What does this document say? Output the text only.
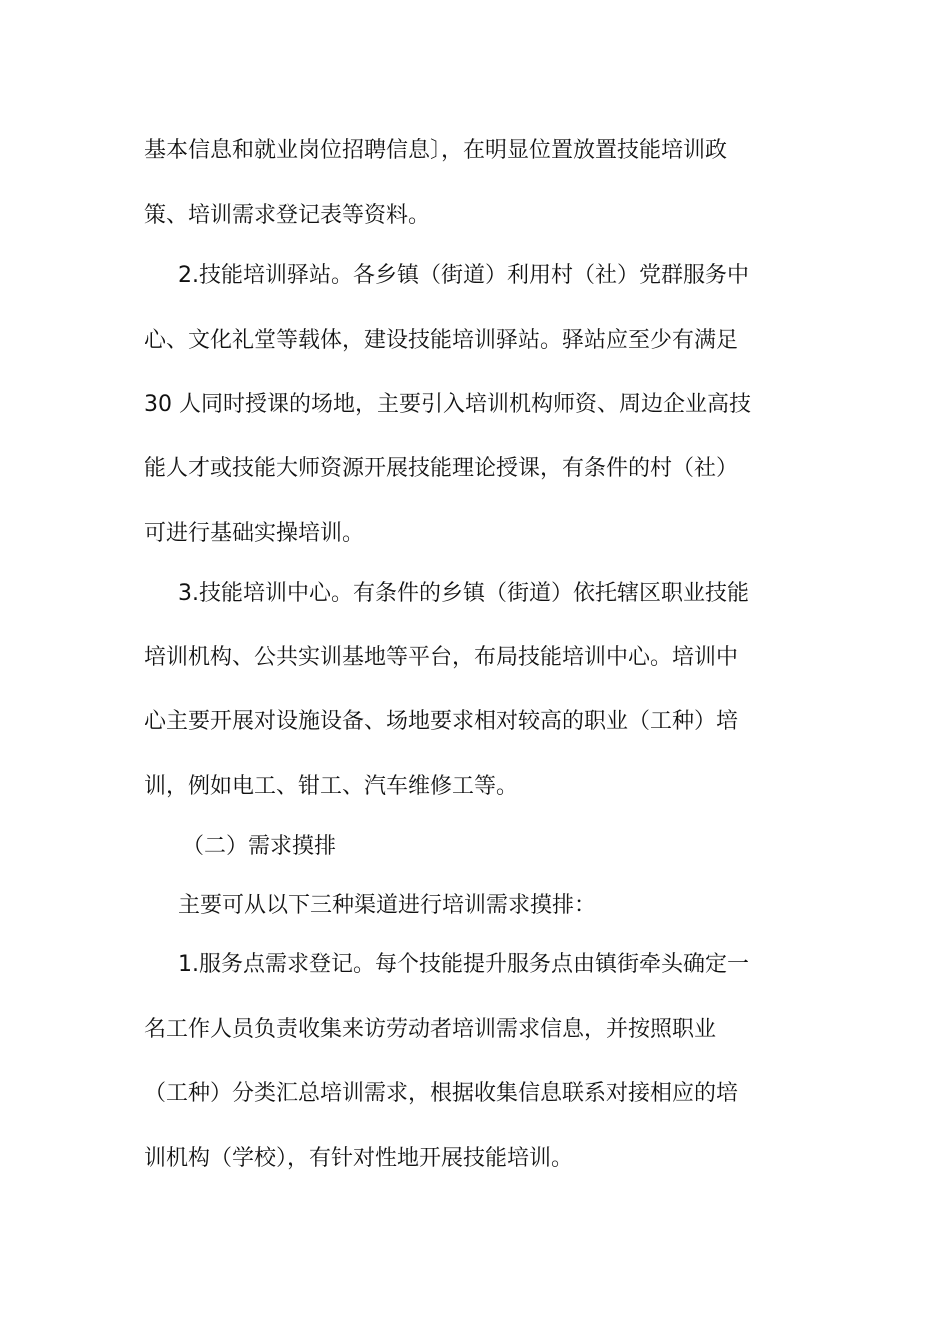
基本信息和就业岗位招聘信息〕，在明显位置放置技能培训政
策、培训需求登记表等资料。
2.技能培训驿站。各乡镇（街道）利用村（社）党群服务中
心、文化礼堂等载体，建设技能培训驿站。驿站应至少有满足
30 人同时授课的场地，主要引入培训机构师资、周边企业高技
能人才或技能大师资源开展技能理论授课，有条件的村（社）
可进行基础实操培训。
3.技能培训中心。有条件的乡镇（街道）依托辖区职业技能
培训机构、公共实训基地等平台，布局技能培训中心。培训中
心主要开展对设施设备、场地要求相对较高的职业（工种）培
训，例如电工、钳工、汽车维修工等。
（二）需求摸排
主要可从以下三种渠道进行培训需求摸排：
1.服务点需求登记。每个技能提升服务点由镇街牵头确定一
名工作人员负责收集来访劳动者培训需求信息，并按照职业
（工种）分类汇总培训需求，根据收集信息联系对接相应的培
训机构（学校），有针对性地开展技能培训。
